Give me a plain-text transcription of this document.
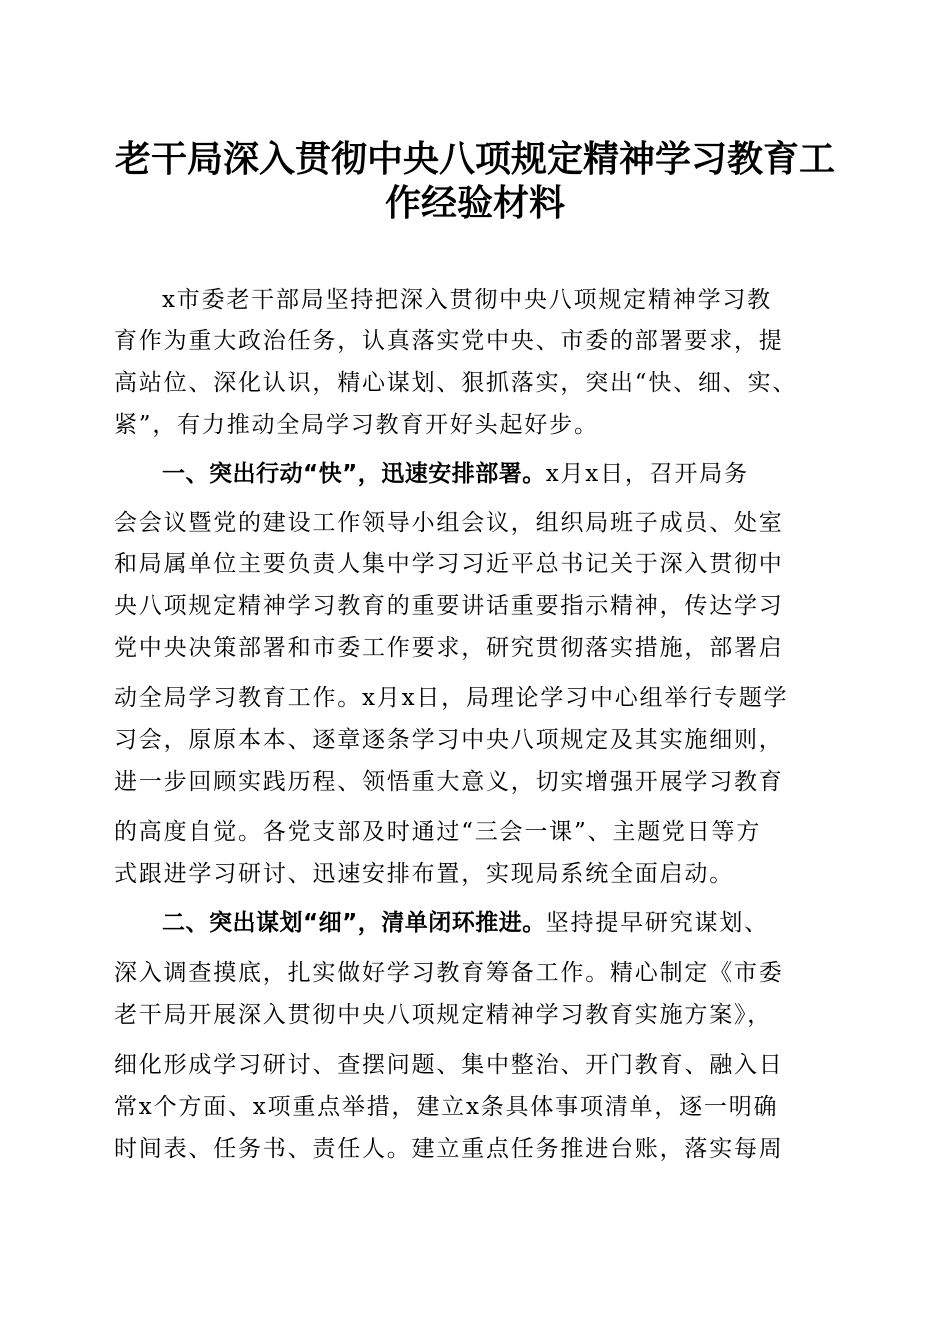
老干局深入贯彻中央八项规定精神学习教育工
作经验材料
x市委老干部局坚持把深入贯彻中央八项规定精神学习教
育作为重大政治任务，认真落实党中央、市委的部署要求，提
高站位、深化认识，精心谋划、狠抓落实，突出“快、细、实、
紧”，有力推动全局学习教育开好头起好步。
一、突出行动“快”，迅速安排部署。x月x日，召开局务
会会议暨党的建设工作领导小组会议，组织局班子成员、处室
和局属单位主要负责人集中学习习近平总书记关于深入贯彻中
央八项规定精神学习教育的重要讲话重要指示精神，传达学习
党中央决策部署和市委工作要求，研究贯彻落实措施，部署启
动全局学习教育工作。x月x日，局理论学习中心组举行专题学
习会，原原本本、逐章逐条学习中央八项规定及其实施细则，
进一步回顾实践历程、领悟重大意义，切实增强开展学习教育
的高度自觉。各党支部及时通过“三会一课”、主题党日等方
式跟进学习研讨、迅速安排布置，实现局系统全面启动。
二、突出谋划“细”，清单闭环推进。坚持提早研究谋划、
深入调查摸底，扎实做好学习教育筹备工作。精心制定《市委
老干局开展深入贯彻中央八项规定精神学习教育实施方案》，
细化形成学习研讨、查摆问题、集中整治、开门教育、融入日
常x个方面、x项重点举措，建立x条具体事项清单，逐一明确
时间表、任务书、责任人。建立重点任务推进台账，落实每周
